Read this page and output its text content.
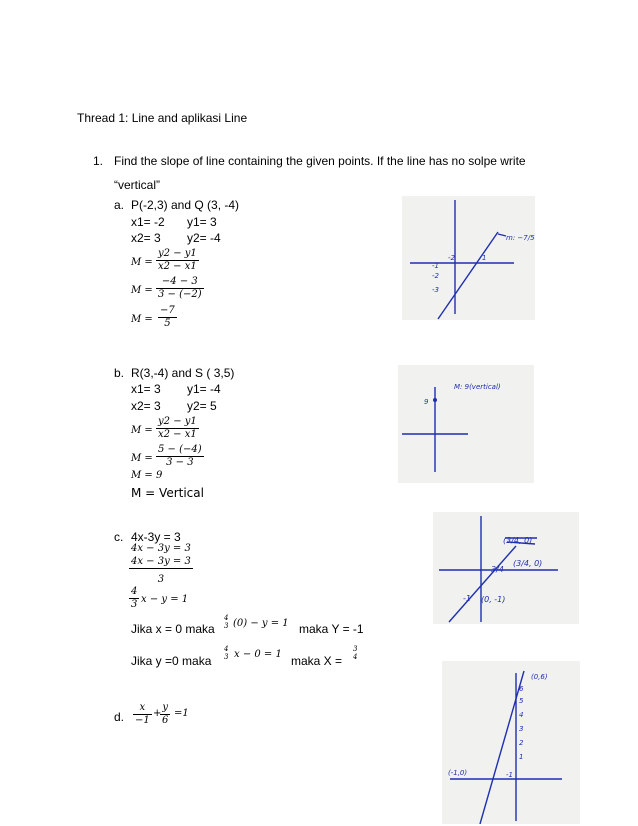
Thread 1: Line and aplikasi Line
1. Find the slope of line containing the given points. If the line has no solpe write
“vertical”
a. P(-2,3) and Q (3, -4)
x1= -2 y1= 3
x2= 3 y2= -4
$M = \frac{y2 - y1}{x2 - x1}$
$M = \frac{-4 - 3}{3 - (-2)}$
$M = \frac{-7}{5}$
m: −7/5
-1
-2
-3
-2	1
b. R(3,-4) and S ( 3,5)
x1= 3 y1= -4
x2= 3 y2= 5
$M = \frac{y2 - y1}{x2 - x1}$
$M = \frac{5 - (-4)}{3 - 3}$
M = 9
M = Vertical
9
M: 9(vertical)
c. 4x-3y = 3
4x − 3y = 3
$\frac{4x - 3y = 3}{3}$
$\frac{4}{3}$ x − y = 1
Jika x = 0 maka
4
3 (0) − y = 1 maka Y = -1
Jika y =0 maka
4
3 x − 0 = 1 maka X =
3
4
(3/4, 0)
(3/4, 0)
(0, -1)
-1
3/4
d. $\frac{x}{-1}$ +
$\frac{y}{6} =1$
(0,6)
(-1,0)
6
5
4
3
2
1
-1
